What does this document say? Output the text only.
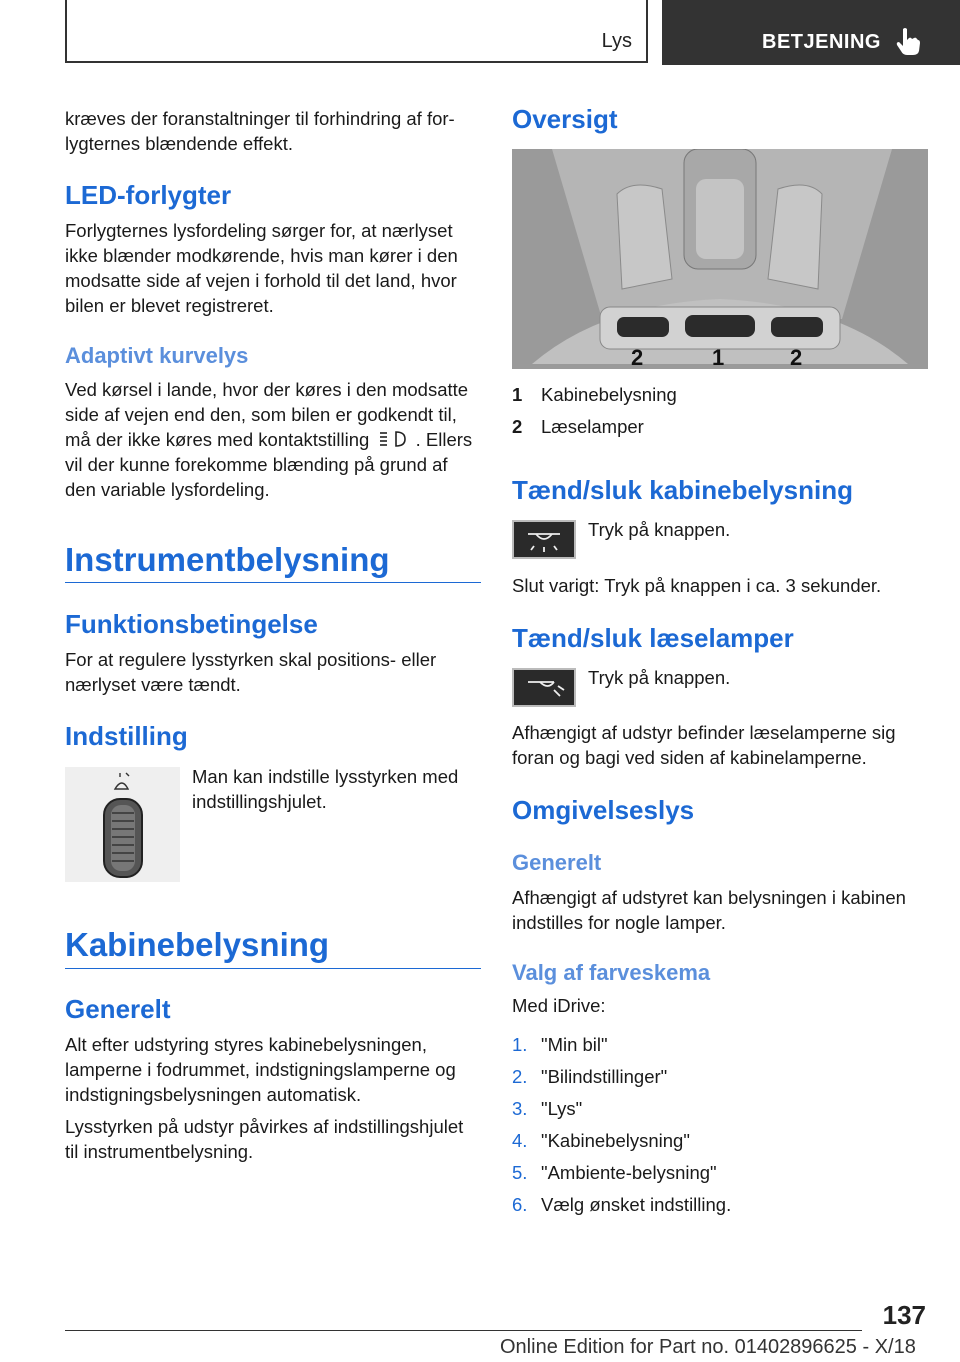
Lys	BETJENING

kræves der foranstaltninger til forhindring af for-lygternes blændende effekt.

LED-forlygter

Forlygternes lysfordeling sørger for, at nærlyset ikke blænder modkørende, hvis man kører i den modsatte side af vejen i forhold til det land, hvor bilen er blevet registreret.

Adaptivt kurvelys

Ved kørsel i lande, hvor der køres i den modsatte side af vejen end den, som bilen er godkendt til, må der ikke køres med kontaktstilling	. Ellers vil der kunne forekomme blænding på grund af den variable lysfordeling.

Instrumentbelysning
Funktionsbetingelse

For at regulere lysstyrken skal positions- eller nærlyset være tændt.

Indstilling

Man kan indstille lysstyrken med indstillingshjulet.

Kabinebelysning
Generelt

Alt efter udstyring styres kabinebelysningen, lamperne i fodrummet, indstigningslamperne og indstigningsbelysningen automatisk.

Lysstyrken på udstyr påvirkes af indstillingshjulet til instrumentbelysning.

Oversigt
2	1	2
1	Kabinebelysning
2	Læselamper
Tænd/sluk kabinebelysning

Tryk på knappen.

Slut varigt: Tryk på knappen i ca. 3 sekunder.

Tænd/sluk læselamper

Tryk på knappen.

Afhængigt af udstyr befinder læselamperne sig foran og bagi ved siden af kabinelamperne.

Omgivelseslys
Generelt

Afhængigt af udstyret kan belysningen i kabinen indstilles for nogle lamper.

Valg af farveskema

Med iDrive:

1. "Min bil"
2. "Bilindstillinger"
3. "Lys"
4. "Kabinebelysning"
5. "Ambiente-belysning"
6. Vælg ønsket indstilling.
137
Online Edition for Part no. 01402896625 - X/18
